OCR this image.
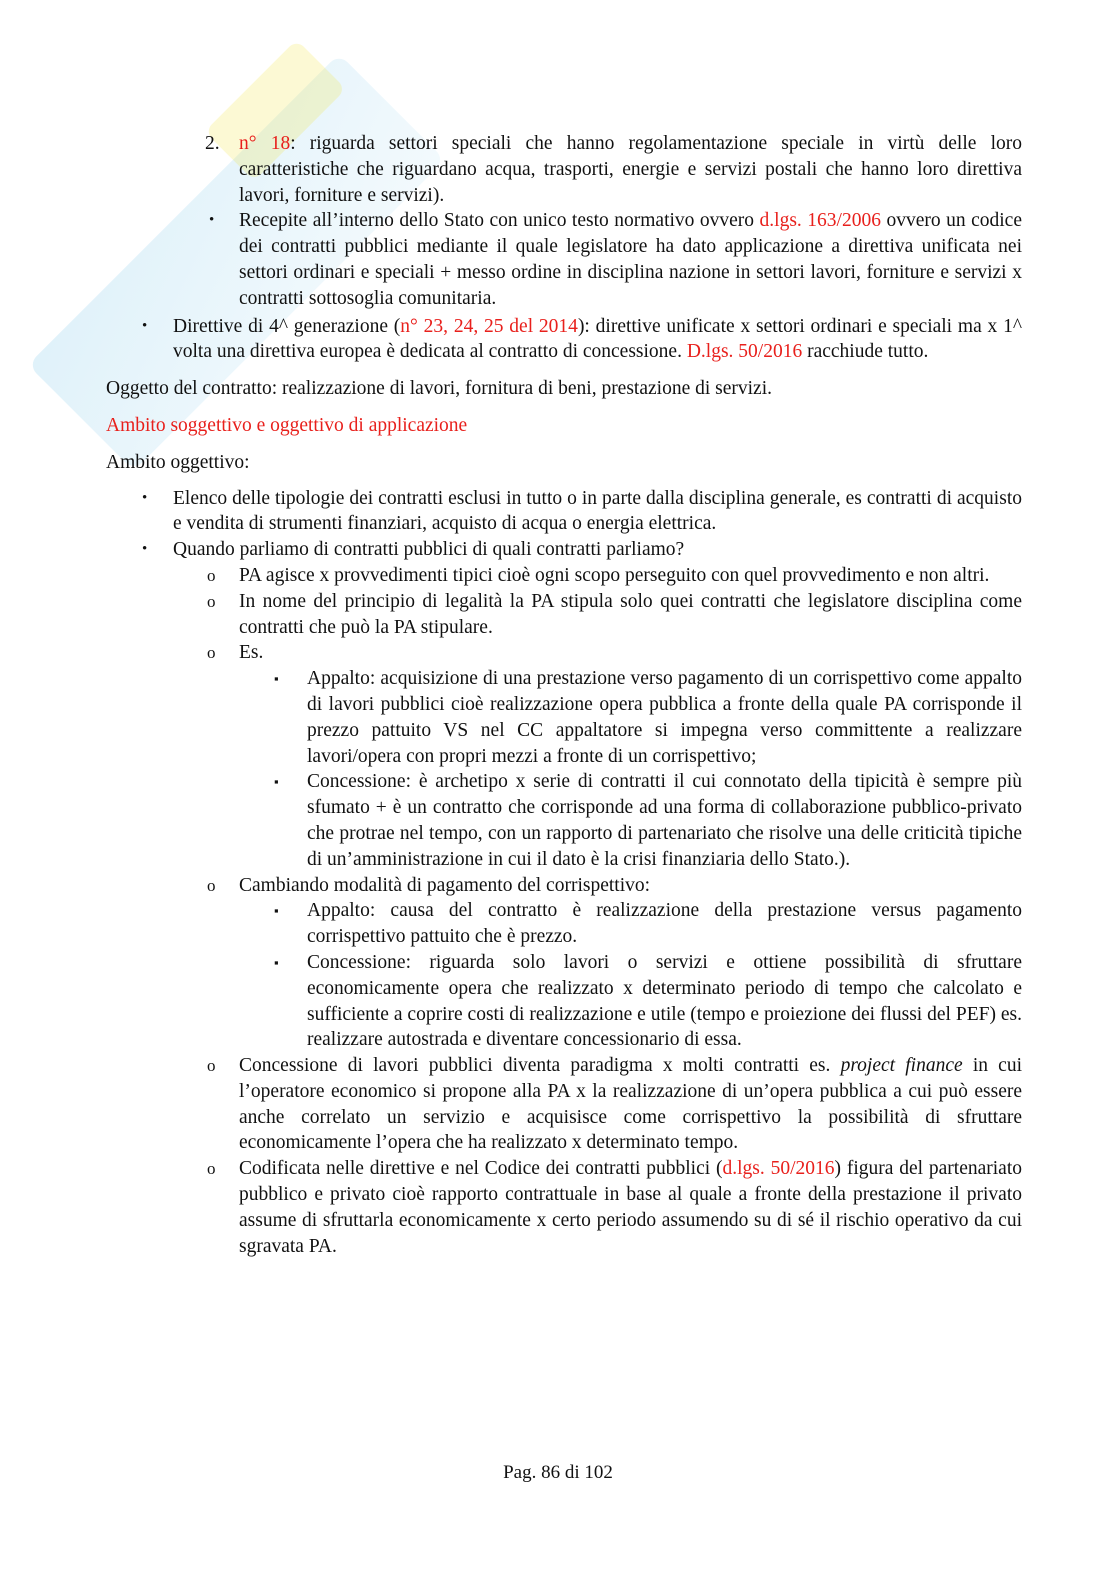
2. n° 18: riguarda settori speciali che hanno regolamentazione speciale in virtù delle loro caratteristiche che riguardano acqua, trasporti, energie e servizi postali che hanno loro direttiva lavori, forniture e servizi).
• Recepite all’interno dello Stato con unico testo normativo ovvero d.lgs. 163/2006 ovvero un codice dei contratti pubblici mediante il quale legislatore ha dato applicazione a direttiva unificata nei settori ordinari e speciali + messo ordine in disciplina nazione in settori lavori, forniture e servizi x contratti sottosoglia comunitaria.
• Direttive di 4^ generazione (n° 23, 24, 25 del 2014): direttive unificate x settori ordinari e speciali ma x 1^ volta una direttiva europea è dedicata al contratto di concessione. D.lgs. 50/2016 racchiude tutto.

Oggetto del contratto: realizzazione di lavori, fornitura di beni, prestazione di servizi.

Ambito soggettivo e oggettivo di applicazione

Ambito oggettivo:

• Elenco delle tipologie dei contratti esclusi in tutto o in parte dalla disciplina generale, es contratti di acquisto e vendita di strumenti finanziari, acquisto di acqua o energia elettrica.
• Quando parliamo di contratti pubblici di quali contratti parliamo?
o PA agisce x provvedimenti tipici cioè ogni scopo perseguito con quel provvedimento e non altri.
o In nome del principio di legalità la PA stipula solo quei contratti che legislatore disciplina come contratti che può la PA stipulare.
o Es.
▪ Appalto: acquisizione di una prestazione verso pagamento di un corrispettivo come appalto di lavori pubblici cioè realizzazione opera pubblica a fronte della quale PA corrisponde il prezzo pattuito VS nel CC appaltatore si impegna verso committente a realizzare lavori/opera con propri mezzi a fronte di un corrispettivo;
▪ Concessione: è archetipo x serie di contratti il cui connotato della tipicità è sempre più sfumato + è un contratto che corrisponde ad una forma di collaborazione pubblico-privato che protrae nel tempo, con un rapporto di partenariato che risolve una delle criticità tipiche di un’amministrazione in cui il dato è la crisi finanziaria dello Stato.).
o Cambiando modalità di pagamento del corrispettivo:
▪ Appalto: causa del contratto è realizzazione della prestazione versus pagamento corrispettivo pattuito che è prezzo.
▪ Concessione: riguarda solo lavori o servizi e ottiene possibilità di sfruttare economicamente opera che realizzato x determinato periodo di tempo che calcolato e sufficiente a coprire costi di realizzazione e utile (tempo e proiezione dei flussi del PEF) es. realizzare autostrada e diventare concessionario di essa.
o Concessione di lavori pubblici diventa paradigma x molti contratti es. project finance in cui l’operatore economico si propone alla PA x la realizzazione di un’opera pubblica a cui può essere anche correlato un servizio e acquisisce come corrispettivo la possibilità di sfruttare economicamente l’opera che ha realizzato x determinato tempo.
o Codificata nelle direttive e nel Codice dei contratti pubblici (d.lgs. 50/2016) figura del partenariato pubblico e privato cioè rapporto contrattuale in base al quale a fronte della prestazione il privato assume di sfruttarla economicamente x certo periodo assumendo su di sé il rischio operativo da cui sgravata PA.
Pag. 86 di 102
